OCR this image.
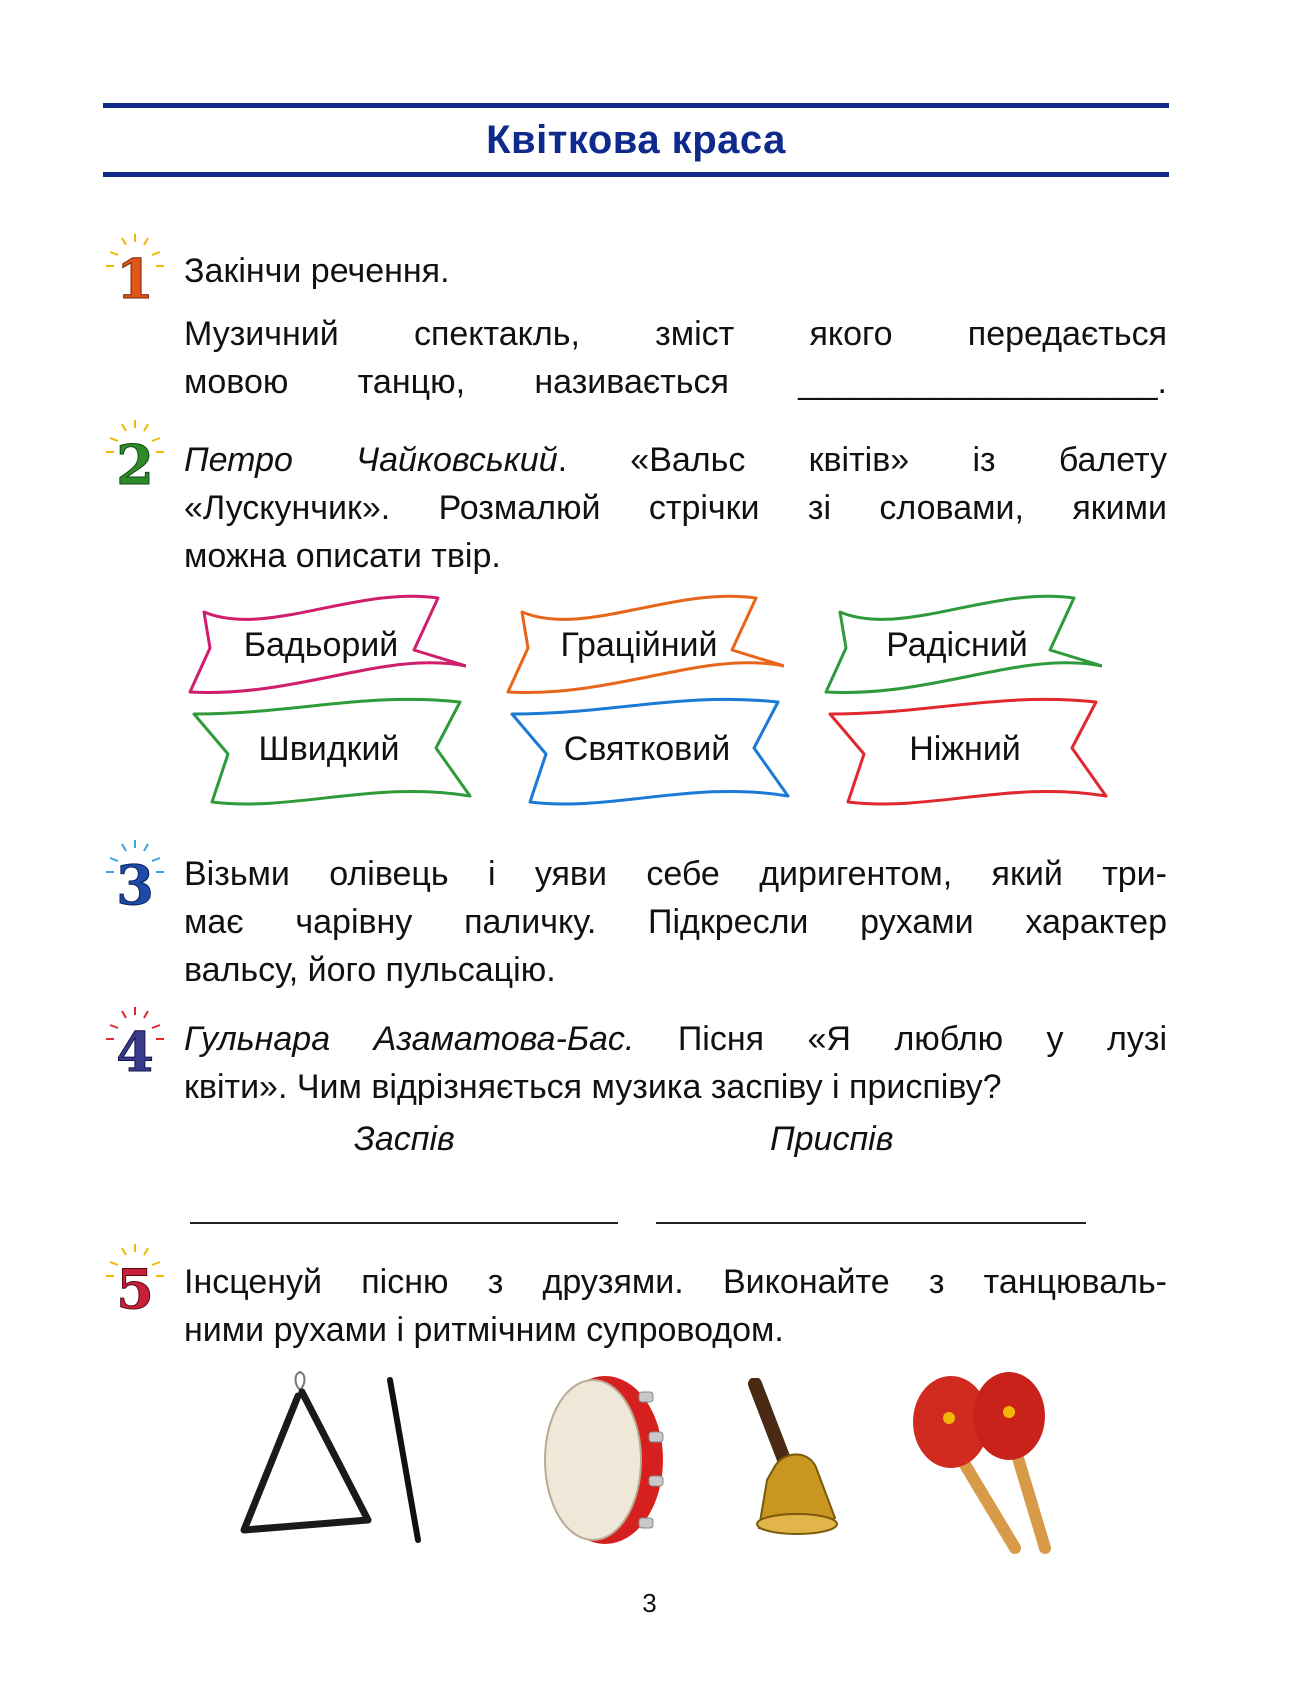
Квіткова краса
1
2
3
4
5
Закінчи речення.
Музичний спектакль, зміст якого передається
мовою танцю, називається ___________________.
Петро Чайковський. «Вальс квітів» із балету
«Лускунчик». Розмалюй стрічки зі словами, якими
можна описати твір.
Бадьорий	Граційний	Радісний
Швидкий	Святковий	Ніжний
Візьми олівець і уяви себе диригентом, який три-
має чарівну паличку. Підкресли рухами характер
вальсу, його пульсацію.
Гульнара Азаматова-Бас. Пісня «Я люблю у лузі
квіти». Чим відрізняється музика заспіву і приспіву?
Заспів	Приспів
Інсценуй пісню з друзями. Виконайте з танцюваль-
ними рухами і ритмічним супроводом.
3
